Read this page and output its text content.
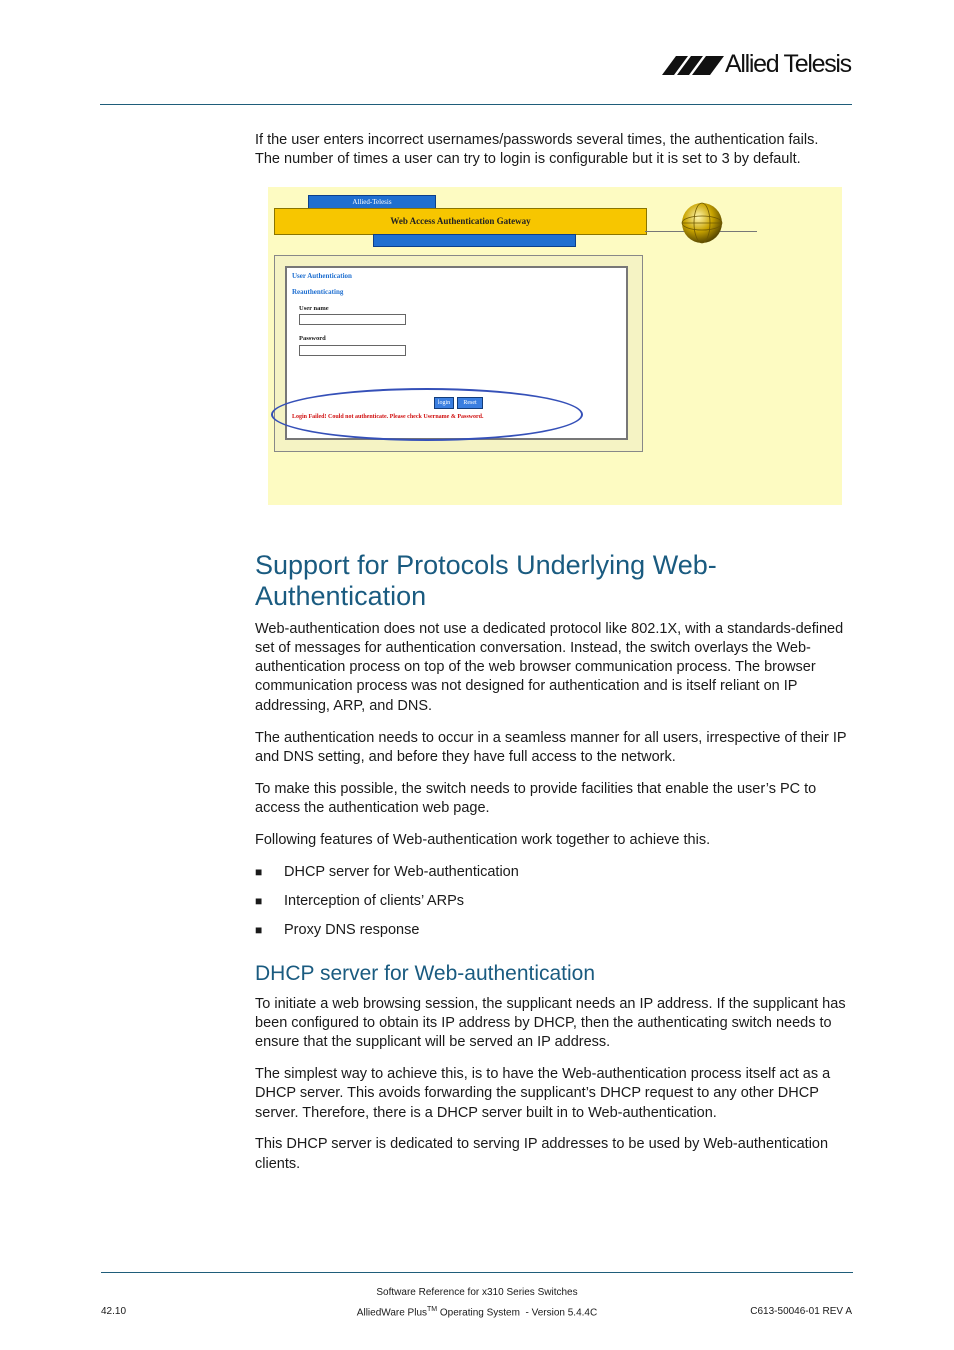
Allied Telesis

If the user enters incorrect usernames/passwords several times, the authentication fails. The number of times a user can try to login is configurable but it is set to 3 by default.

Allied-Telesis
Web Access Authentication Gateway
User Authentication
Reauthenticating
User name
Password
login	Reset
Login Failed! Could not authenticate. Please check Username & Password.
Support for Protocols Underlying Web-Authentication

Web-authentication does not use a dedicated protocol like 802.1X, with a standards-defined set of messages for authentication conversation. Instead, the switch overlays the Web-authentication process on top of the web browser communication process. The browser communication process was not designed for authentication and is itself reliant on IP addressing, ARP, and DNS.

The authentication needs to occur in a seamless manner for all users, irrespective of their IP and DNS setting, and before they have full access to the network.

To make this possible, the switch needs to provide facilities that enable the user’s PC to access the authentication web page.

Following features of Web-authentication work together to achieve this.

■ DHCP server for Web-authentication
■ Interception of clients’ ARPs
■ Proxy DNS response
DHCP server for Web-authentication

To initiate a web browsing session, the supplicant needs an IP address. If the supplicant has been configured to obtain its IP address by DHCP, then the authenticating switch needs to ensure that the supplicant will be served an IP address.

The simplest way to achieve this, is to have the Web-authentication process itself act as a DHCP server. This avoids forwarding the supplicant’s DHCP request to any other DHCP server. Therefore, there is a DHCP server built in to Web-authentication.

This DHCP server is dedicated to serving IP addresses to be used by Web-authentication clients.

Software Reference for x310 Series Switches
42.10	AlliedWare Plus™ Operating System  - Version 5.4.4C	C613-50046-01 REV A
